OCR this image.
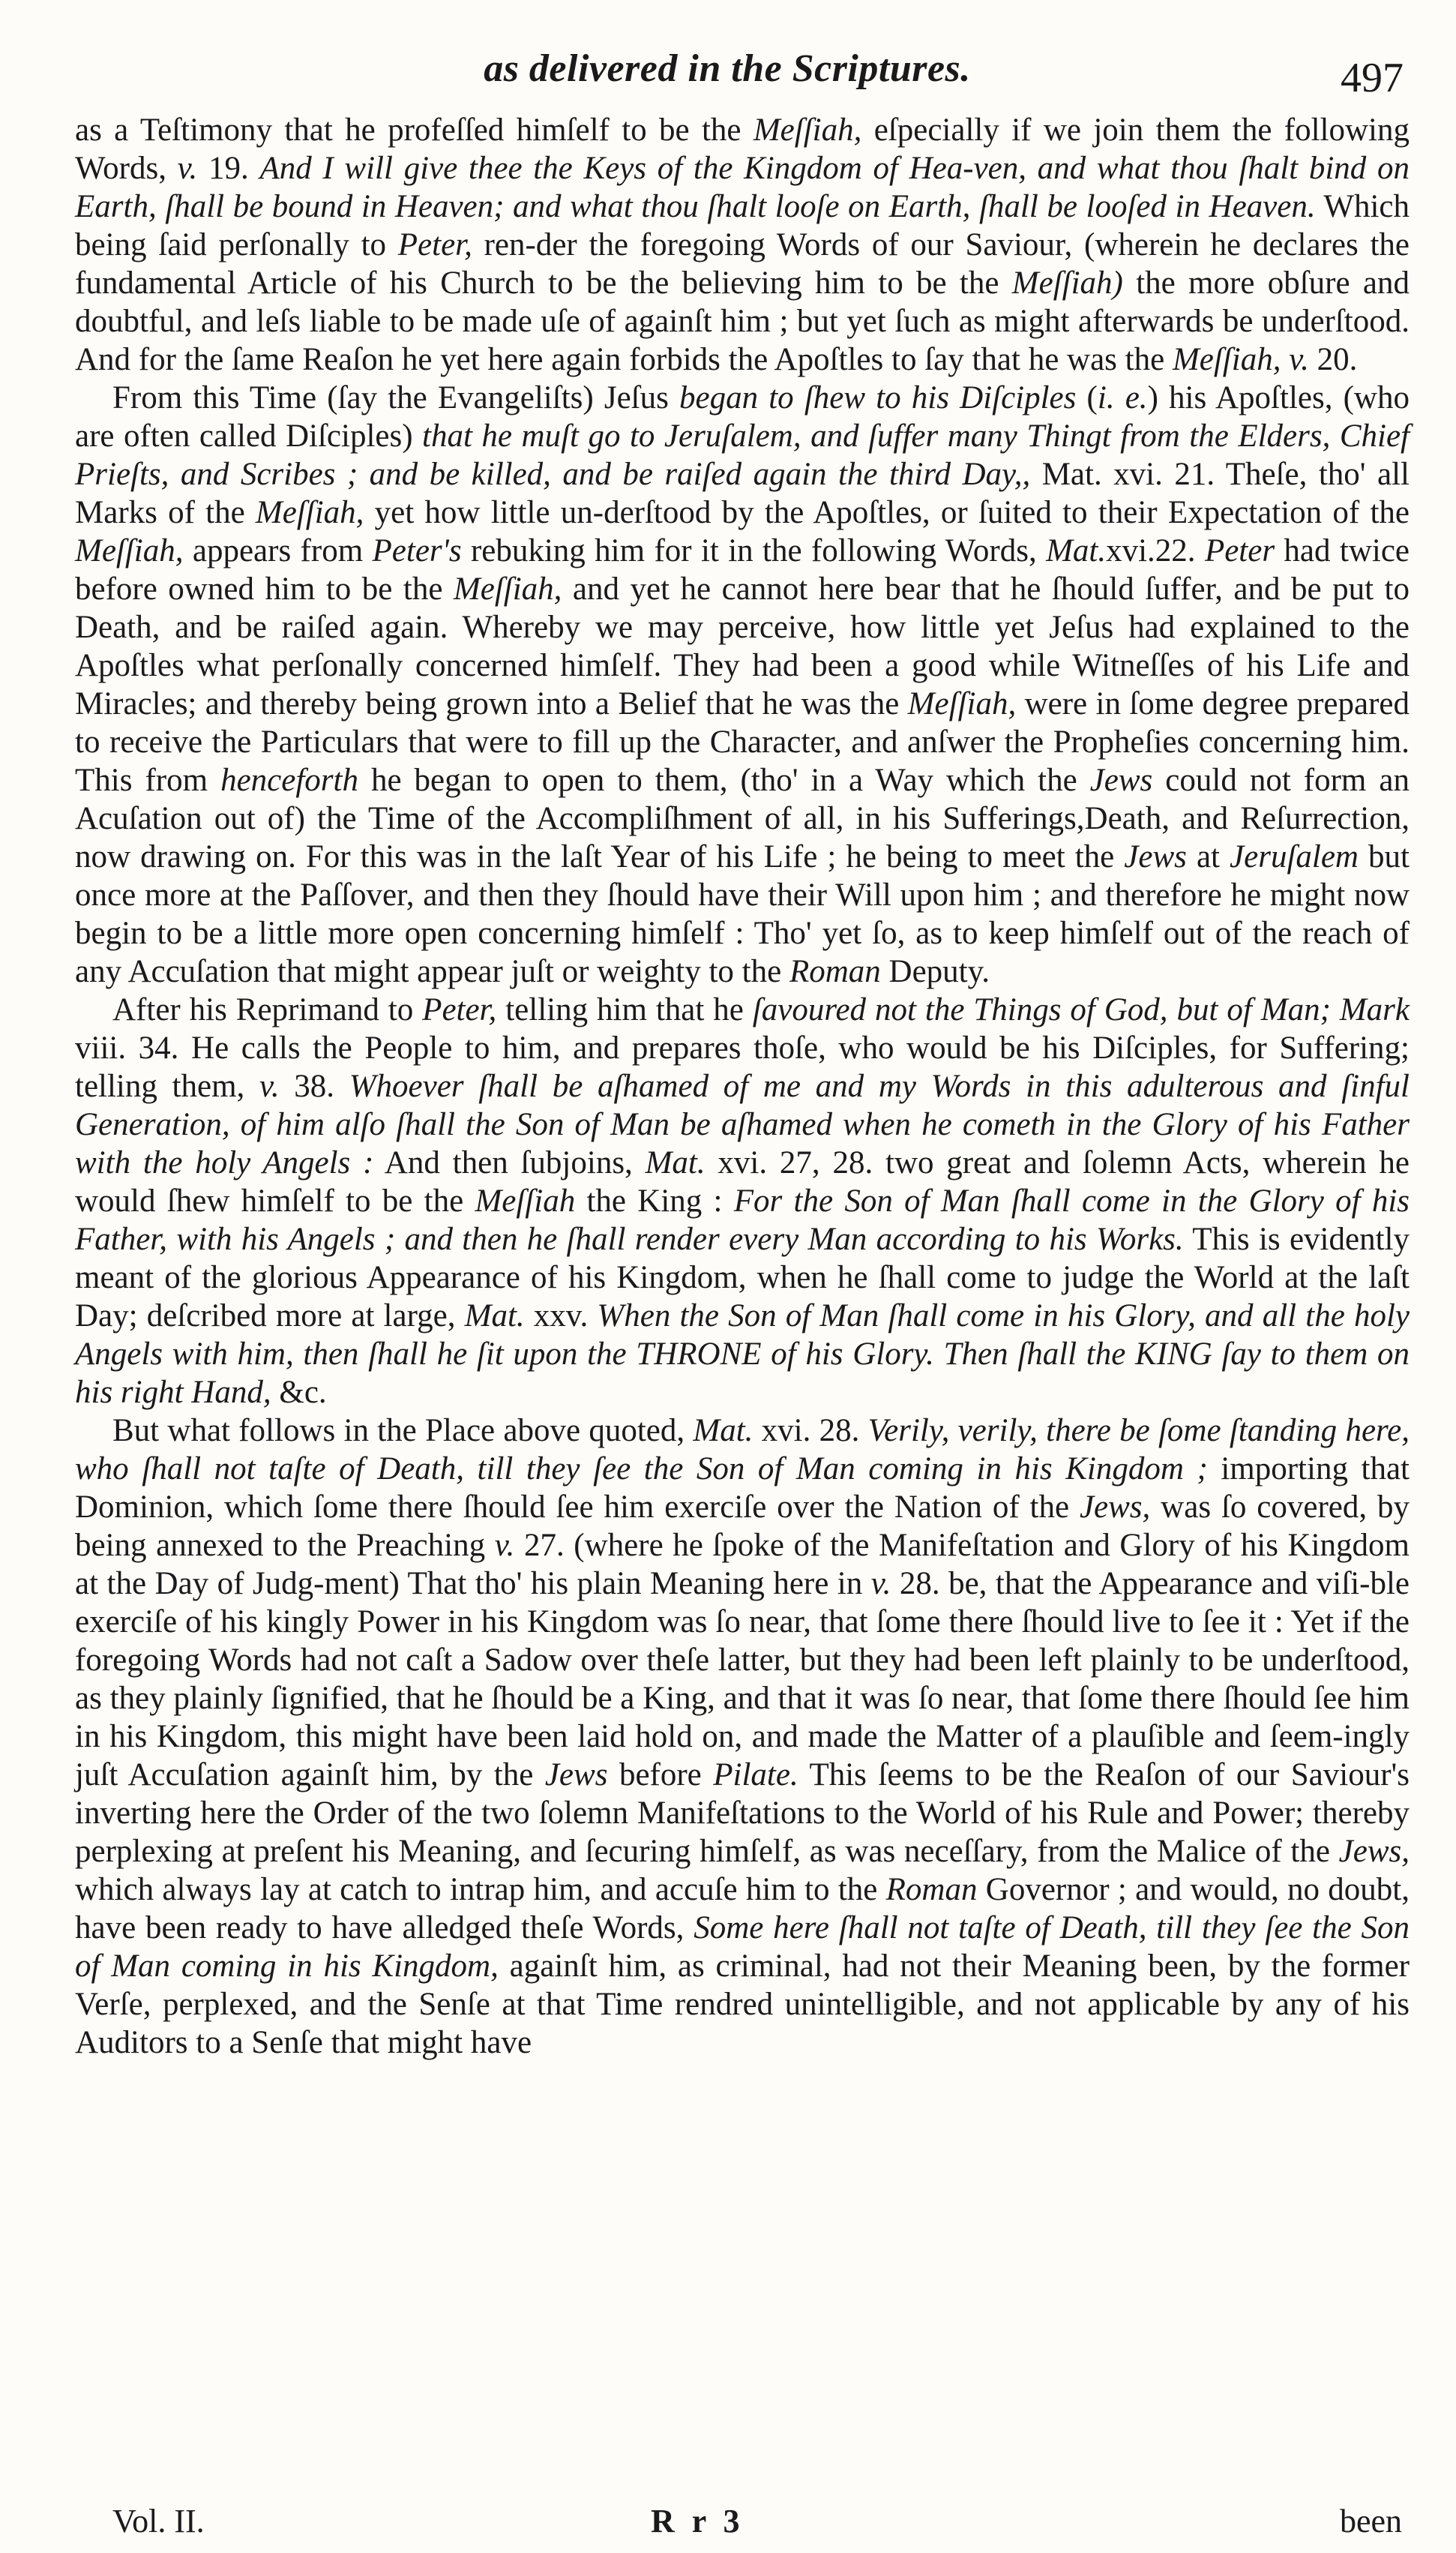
as delivered in the Scriptures.	497

as a Teſtimony that he profeſſed himſelf to be the Meſſiah, eſpecially if we join them the following Words, v. 19. And I will give thee the Keys of the Kingdom of Hea-ven, and what thou ſhalt bind on Earth, ſhall be bound in Heaven; and what thou ſhalt looſe on Earth, ſhall be looſed in Heaven. Which being ſaid perſonally to Peter, ren-der the foregoing Words of our Saviour, (wherein he declares the fundamental Article of his Church to be the believing him to be the Meſſiah) the more obſure and doubtful, and leſs liable to be made uſe of againſt him ; but yet ſuch as might afterwards be underſtood. And for the ſame Reaſon he yet here again forbids the Apoſtles to ſay that he was the Meſſiah, v. 20.

From this Time (ſay the Evangeliſts) Jeſus began to ſhew to his Diſciples (i. e.) his Apoſtles, (who are often called Diſciples) that he muſt go to Jeruſalem, and ſuffer many Thingt from the Elders, Chief Prieſts, and Scribes ; and be killed, and be raiſed again the third Day,, Mat. xvi. 21. Theſe, tho' all Marks of the Meſſiah, yet how little un-derſtood by the Apoſtles, or ſuited to their Expectation of the Meſſiah, appears from Peter's rebuking him for it in the following Words, Mat.xvi.22. Peter had twice before owned him to be the Meſſiah, and yet he cannot here bear that he ſhould ſuffer, and be put to Death, and be raiſed again. Whereby we may perceive, how little yet Jeſus had explained to the Apoſtles what perſonally concerned himſelf. They had been a good while Witneſſes of his Life and Miracles; and thereby being grown into a Belief that he was the Meſſiah, were in ſome degree prepared to receive the Particulars that were to fill up the Character, and anſwer the Propheſies concerning him. This from henceforth he began to open to them, (tho' in a Way which the Jews could not form an Acuſation out of) the Time of the Accompliſhment of all, in his Sufferings,Death, and Reſurrection, now drawing on. For this was in the laſt Year of his Life ; he being to meet the Jews at Jeruſalem but once more at the Paſſover, and then they ſhould have their Will upon him ; and therefore he might now begin to be a little more open concerning himſelf : Tho' yet ſo, as to keep himſelf out of the reach of any Accuſation that might appear juſt or weighty to the Roman Deputy.

After his Reprimand to Peter, telling him that he ſavoured not the Things of God, but of Man; Mark viii. 34. He calls the People to him, and prepares thoſe, who would be his Diſciples, for Suffering; telling them, v. 38. Whoever ſhall be aſhamed of me and my Words in this adulterous and ſinful Generation, of him alſo ſhall the Son of Man be aſhamed when he cometh in the Glory of his Father with the holy Angels : And then ſubjoins, Mat. xvi. 27, 28. two great and ſolemn Acts, wherein he would ſhew himſelf to be the Meſſiah the King : For the Son of Man ſhall come in the Glory of his Father, with his Angels ; and then he ſhall render every Man according to his Works. This is evidently meant of the glorious Appearance of his Kingdom, when he ſhall come to judge the World at the laſt Day; deſcribed more at large, Mat. xxv. When the Son of Man ſhall come in his Glory, and all the holy Angels with him, then ſhall he ſit upon the THRONE of his Glory. Then ſhall the KING ſay to them on his right Hand, &c.

But what follows in the Place above quoted, Mat. xvi. 28. Verily, verily, there be ſome ſtanding here, who ſhall not taſte of Death, till they ſee the Son of Man coming in his Kingdom ; importing that Dominion, which ſome there ſhould ſee him exerciſe over the Nation of the Jews, was ſo covered, by being annexed to the Preaching v. 27. (where he ſpoke of the Manifeſtation and Glory of his Kingdom at the Day of Judg-ment) That tho' his plain Meaning here in v. 28. be, that the Appearance and viſi-ble exerciſe of his kingly Power in his Kingdom was ſo near, that ſome there ſhould live to ſee it : Yet if the foregoing Words had not caſt a Sadow over theſe latter, but they had been left plainly to be underſtood, as they plainly ſignified, that he ſhould be a King, and that it was ſo near, that ſome there ſhould ſee him in his Kingdom, this might have been laid hold on, and made the Matter of a plauſible and ſeem-ingly juſt Accuſation againſt him, by the Jews before Pilate. This ſeems to be the Reaſon of our Saviour's inverting here the Order of the two ſolemn Manifeſtations to the World of his Rule and Power; thereby perplexing at preſent his Meaning, and ſecuring himſelf, as was neceſſary, from the Malice of the Jews, which always lay at catch to intrap him, and accuſe him to the Roman Governor ; and would, no doubt, have been ready to have alledged theſe Words, Some here ſhall not taſte of Death, till they ſee the Son of Man coming in his Kingdom, againſt him, as criminal, had not their Meaning been, by the former Verſe, perplexed, and the Senſe at that Time rendred unintelligible, and not applicable by any of his Auditors to a Senſe that might have

Vol. II.	R r 3	been
